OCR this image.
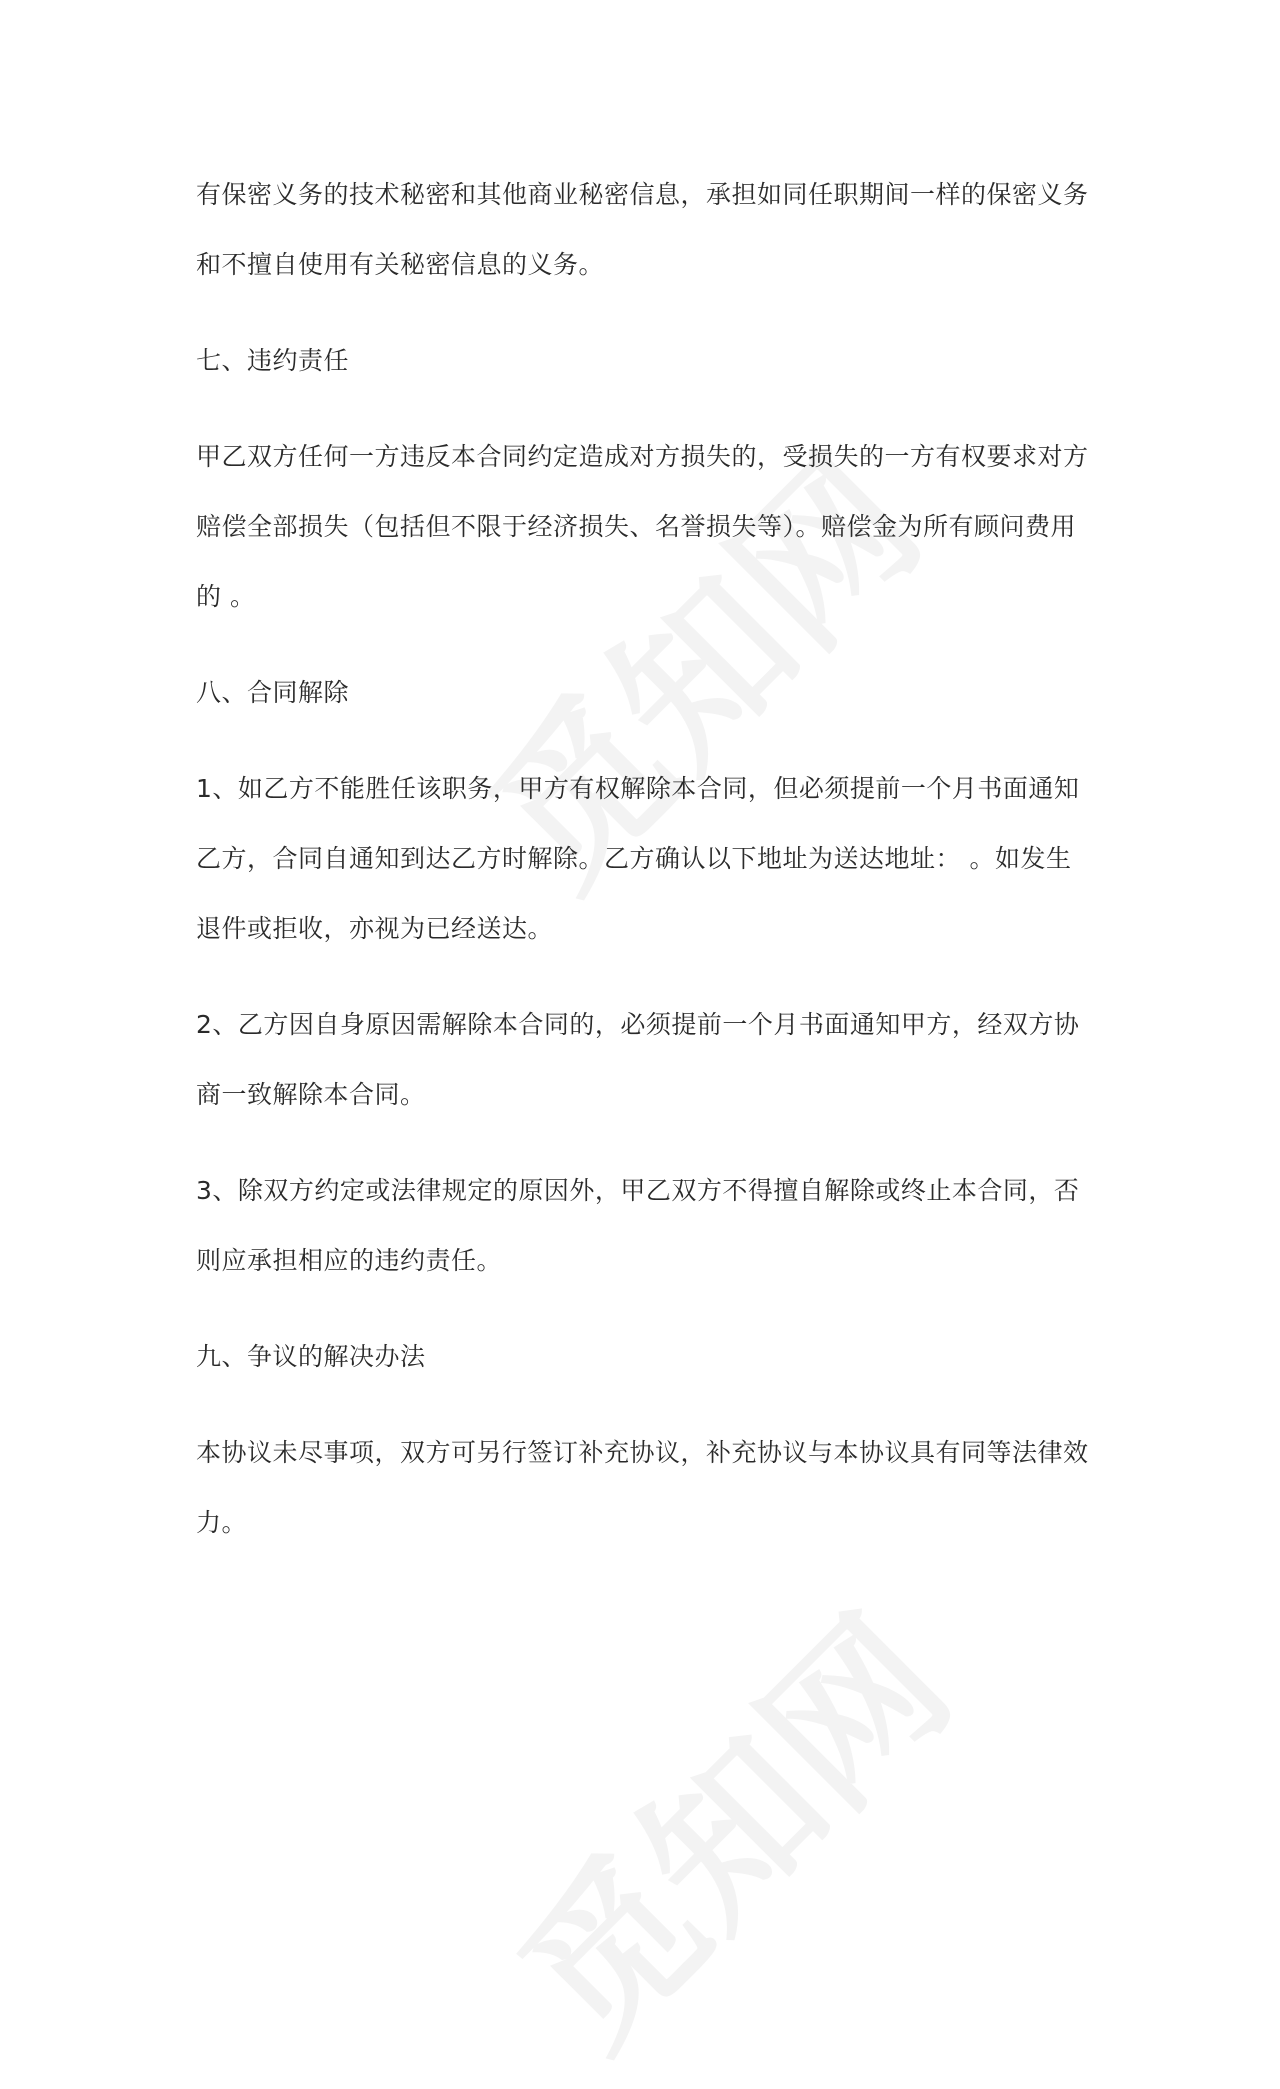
有保密义务的技术秘密和其他商业秘密信息，承担如同任职期间一样的保密义务和不擅自使用有关秘密信息的义务。

七、违约责任

甲乙双方任何一方违反本合同约定造成对方损失的，受损失的一方有权要求对方赔偿全部损失（包括但不限于经济损失、名誉损失等）。赔偿金为所有顾问费用的 。

八、合同解除

1、如乙方不能胜任该职务，甲方有权解除本合同，但必须提前一个月书面通知乙方，合同自通知到达乙方时解除。乙方确认以下地址为送达地址： 。如发生退件或拒收，亦视为已经送达。

2、乙方因自身原因需解除本合同的，必须提前一个月书面通知甲方，经双方协商一致解除本合同。

3、除双方约定或法律规定的原因外，甲乙双方不得擅自解除或终止本合同，否则应承担相应的违约责任。

九、争议的解决办法

本协议未尽事项，双方可另行签订补充协议，补充协议与本协议具有同等法律效力。
